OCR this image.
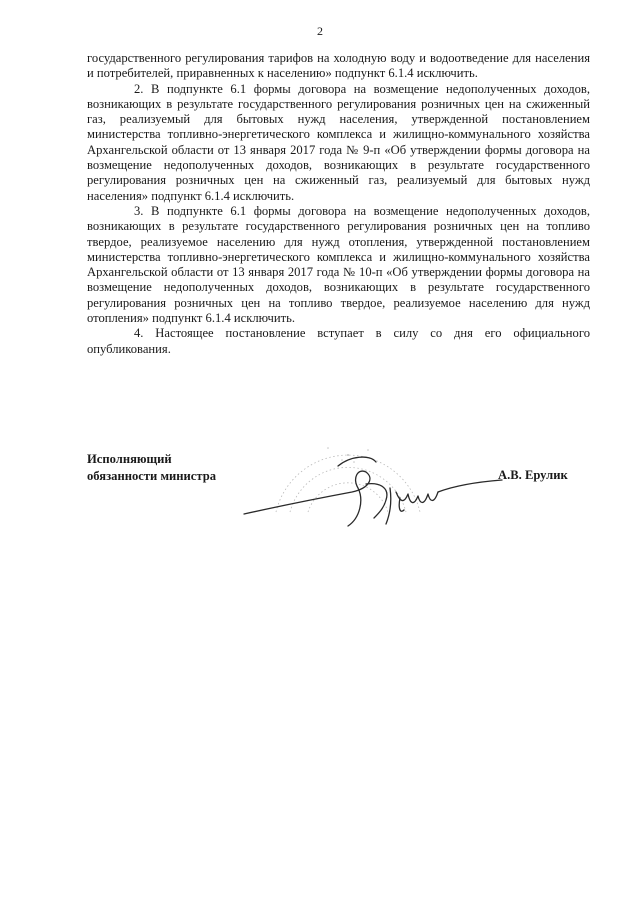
2

государственного регулирования тарифов на холодную воду и водоотведение для населения и потребителей, приравненных к населению» подпункт 6.1.4 исключить.

2. В подпункте 6.1 формы договора на возмещение недополученных доходов, возникающих в результате государственного регулирования розничных цен на сжиженный газ, реализуемый для бытовых нужд населения, утвержденной постановлением министерства топливно-энергетического комплекса и жилищно-коммунального хозяйства Архангельской области от 13 января 2017 года № 9-п «Об утверждении формы договора на возмещение недополученных доходов, возникающих в результате государственного регулирования розничных цен на сжиженный газ, реализуемый для бытовых нужд населения» подпункт 6.1.4 исключить.

3. В подпункте 6.1 формы договора на возмещение недополученных доходов, возникающих в результате государственного регулирования розничных цен на топливо твердое, реализуемое населению для нужд отопления, утвержденной постановлением министерства топливно-энергетического комплекса и жилищно-коммунального хозяйства Архангельской области от 13 января 2017 года № 10-п «Об утверждении формы договора на возмещение недополученных доходов, возникающих в результате государственного регулирования розничных цен на топливо твердое, реализуемое населению для нужд отопления» подпункт 6.1.4 исключить.

4. Настоящее постановление вступает в силу со дня его официального опубликования.

Исполняющий
обязанности министра	А.В. Ерулик
